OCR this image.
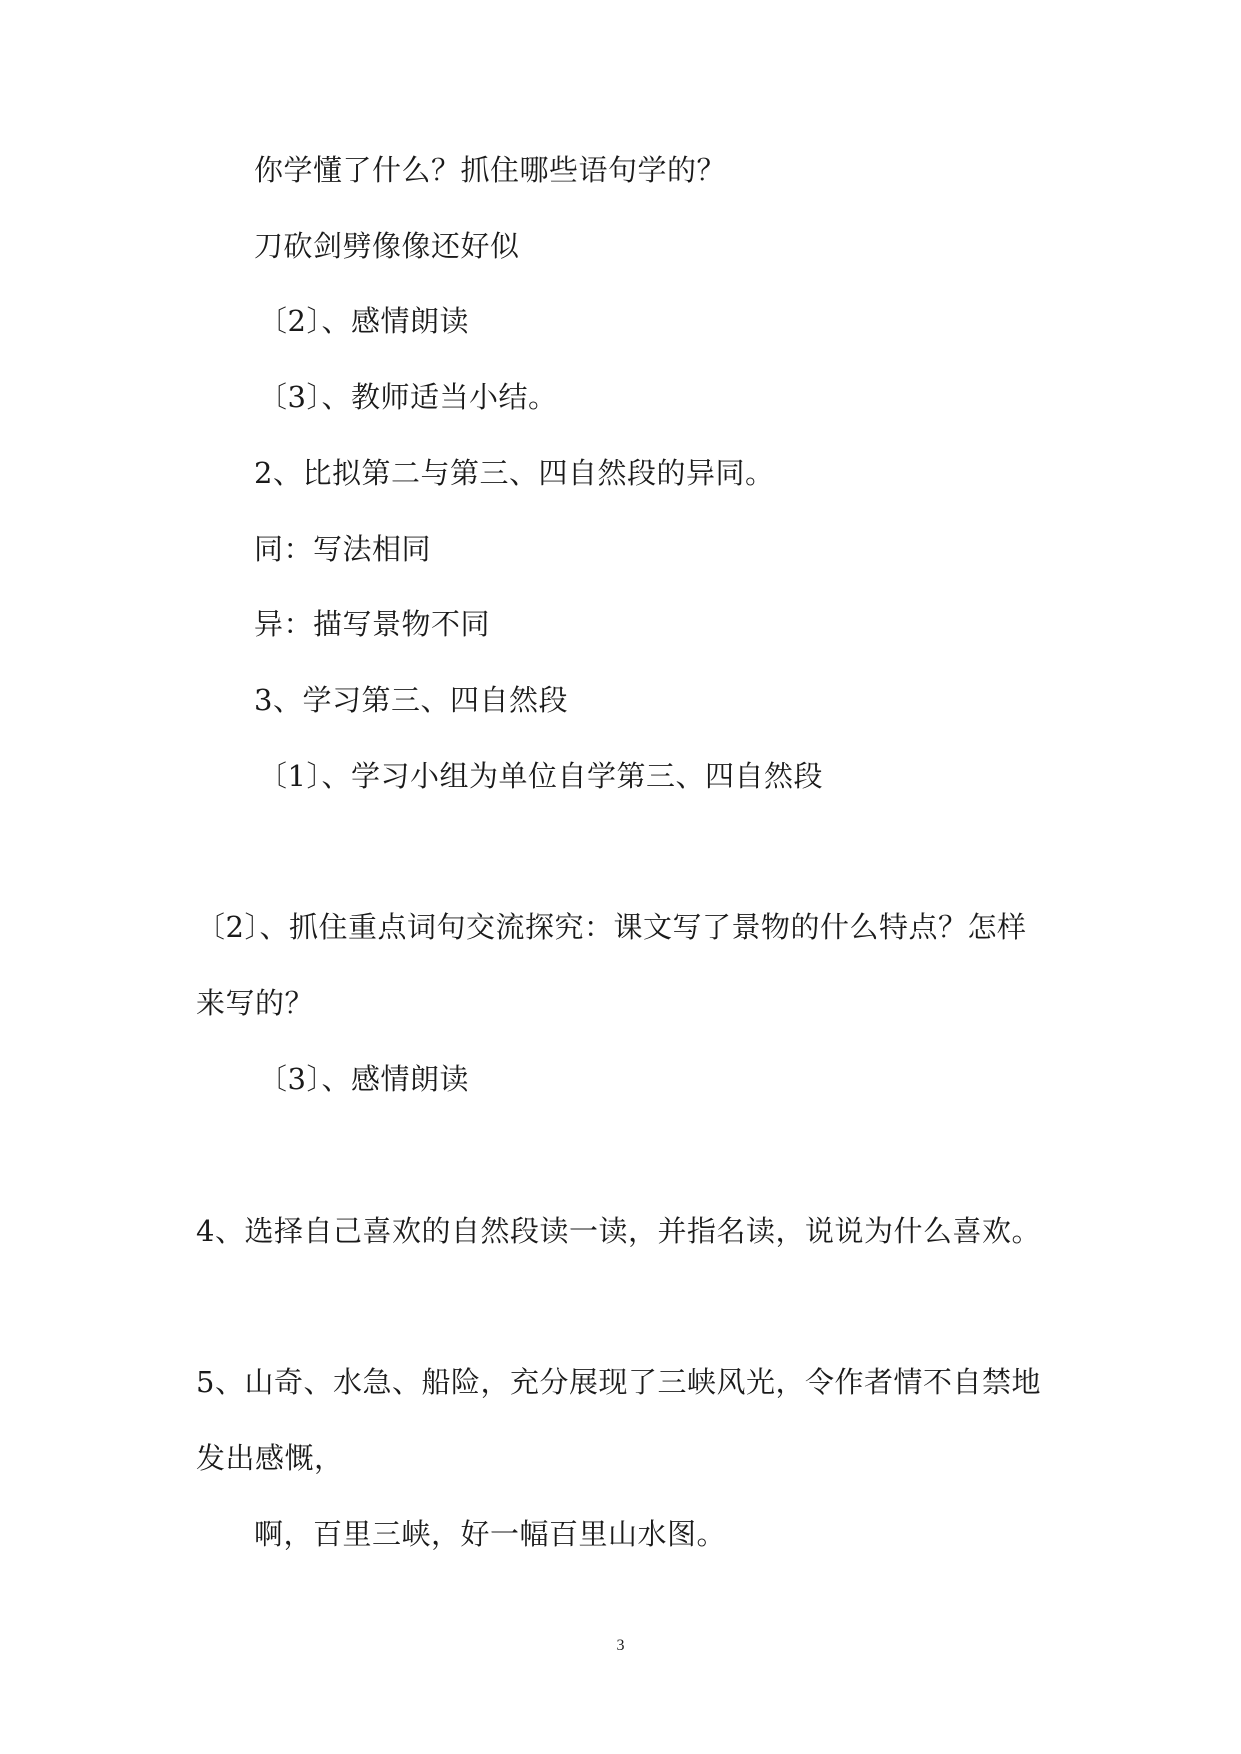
你学懂了什么？抓住哪些语句学的？
刀砍剑劈像像还好似
〔2〕、感情朗读
〔3〕、教师适当小结。
2、比拟第二与第三、四自然段的异同。
同：写法相同
异：描写景物不同
3、学习第三、四自然段
〔1〕、学习小组为单位自学第三、四自然段
〔2〕、抓住重点词句交流探究：课文写了景物的什么特点？怎样
来写的？
〔3〕、感情朗读
4、选择自己喜欢的自然段读一读，并指名读，说说为什么喜欢。
5、山奇、水急、船险，充分展现了三峡风光，令作者情不自禁地
发出感慨，
啊，百里三峡，好一幅百里山水图。
3
